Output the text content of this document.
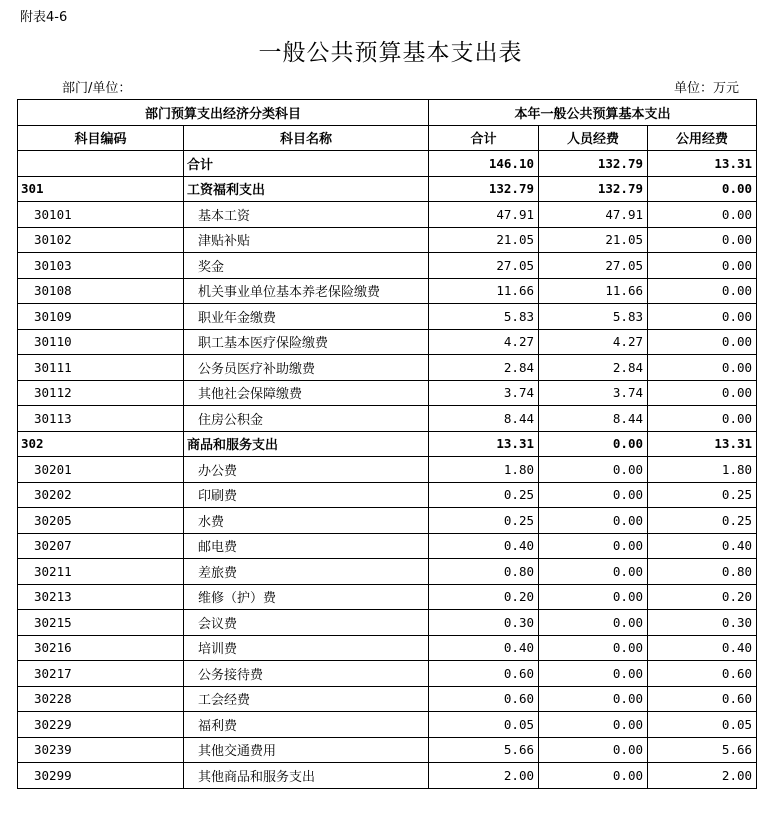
附表4-6
一般公共预算基本支出表
部门/单位：	单位：万元
部门预算支出经济分类科目		本年一般公共预算基本支出		
科目编码	科目名称	合计	人员经费	公用经费
	合计	146.10	132.79	13.31
301	工资福利支出	132.79	132.79	0.00
30101	基本工资	47.91	47.91	0.00
30102	津贴补贴	21.05	21.05	0.00
30103	奖金	27.05	27.05	0.00
30108	机关事业单位基本养老保险缴费	11.66	11.66	0.00
30109	职业年金缴费	5.83	5.83	0.00
30110	职工基本医疗保险缴费	4.27	4.27	0.00
30111	公务员医疗补助缴费	2.84	2.84	0.00
30112	其他社会保障缴费	3.74	3.74	0.00
30113	住房公积金	8.44	8.44	0.00
302	商品和服务支出	13.31	0.00	13.31
30201	办公费	1.80	0.00	1.80
30202	印刷费	0.25	0.00	0.25
30205	水费	0.25	0.00	0.25
30207	邮电费	0.40	0.00	0.40
30211	差旅费	0.80	0.00	0.80
30213	维修（护）费	0.20	0.00	0.20
30215	会议费	0.30	0.00	0.30
30216	培训费	0.40	0.00	0.40
30217	公务接待费	0.60	0.00	0.60
30228	工会经费	0.60	0.00	0.60
30229	福利费	0.05	0.00	0.05
30239	其他交通费用	5.66	0.00	5.66
30299	其他商品和服务支出	2.00	0.00	2.00
